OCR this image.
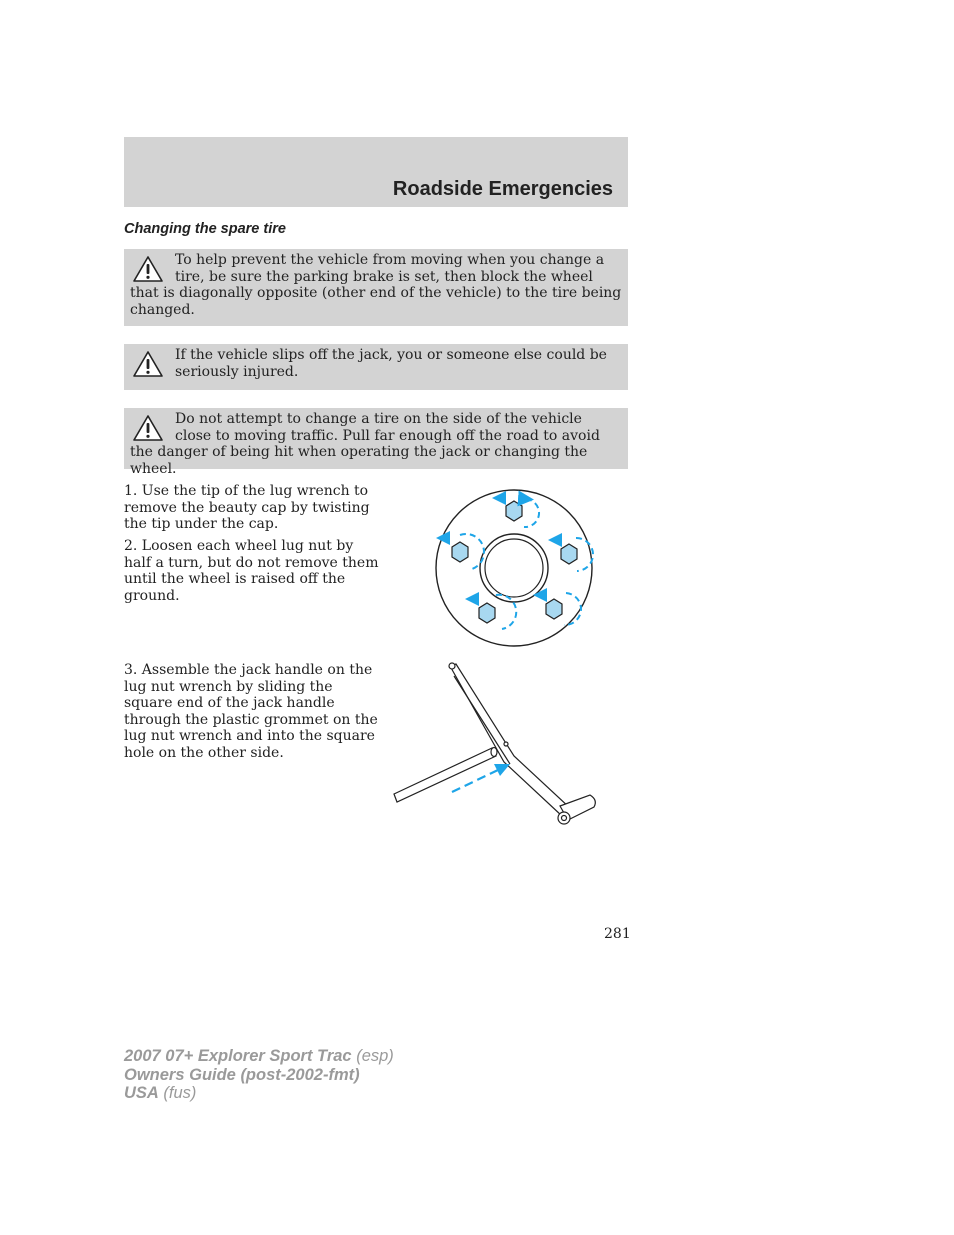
Roadside Emergencies
Changing the spare tire
To help prevent the vehicle from moving when you change a tire, be sure the parking brake is set, then block the wheel that is diagonally opposite (other end of the vehicle) to the tire being changed.
If the vehicle slips off the jack, you or someone else could be seriously injured.
Do not attempt to change a tire on the side of the vehicle close to moving traffic. Pull far enough off the road to avoid the danger of being hit when operating the jack or changing the wheel.
1. Use the tip of the lug wrench to remove the beauty cap by twisting the tip under the cap.
2. Loosen each wheel lug nut by half a turn, but do not remove them until the wheel is raised off the ground.
3. Assemble the jack handle on the lug nut wrench by sliding the square end of the jack handle through the plastic grommet on the lug nut wrench and into the square hole on the other side.
281
2007 07+ Explorer Sport Trac (esp)
Owners Guide (post-2002-fmt)
USA (fus)
